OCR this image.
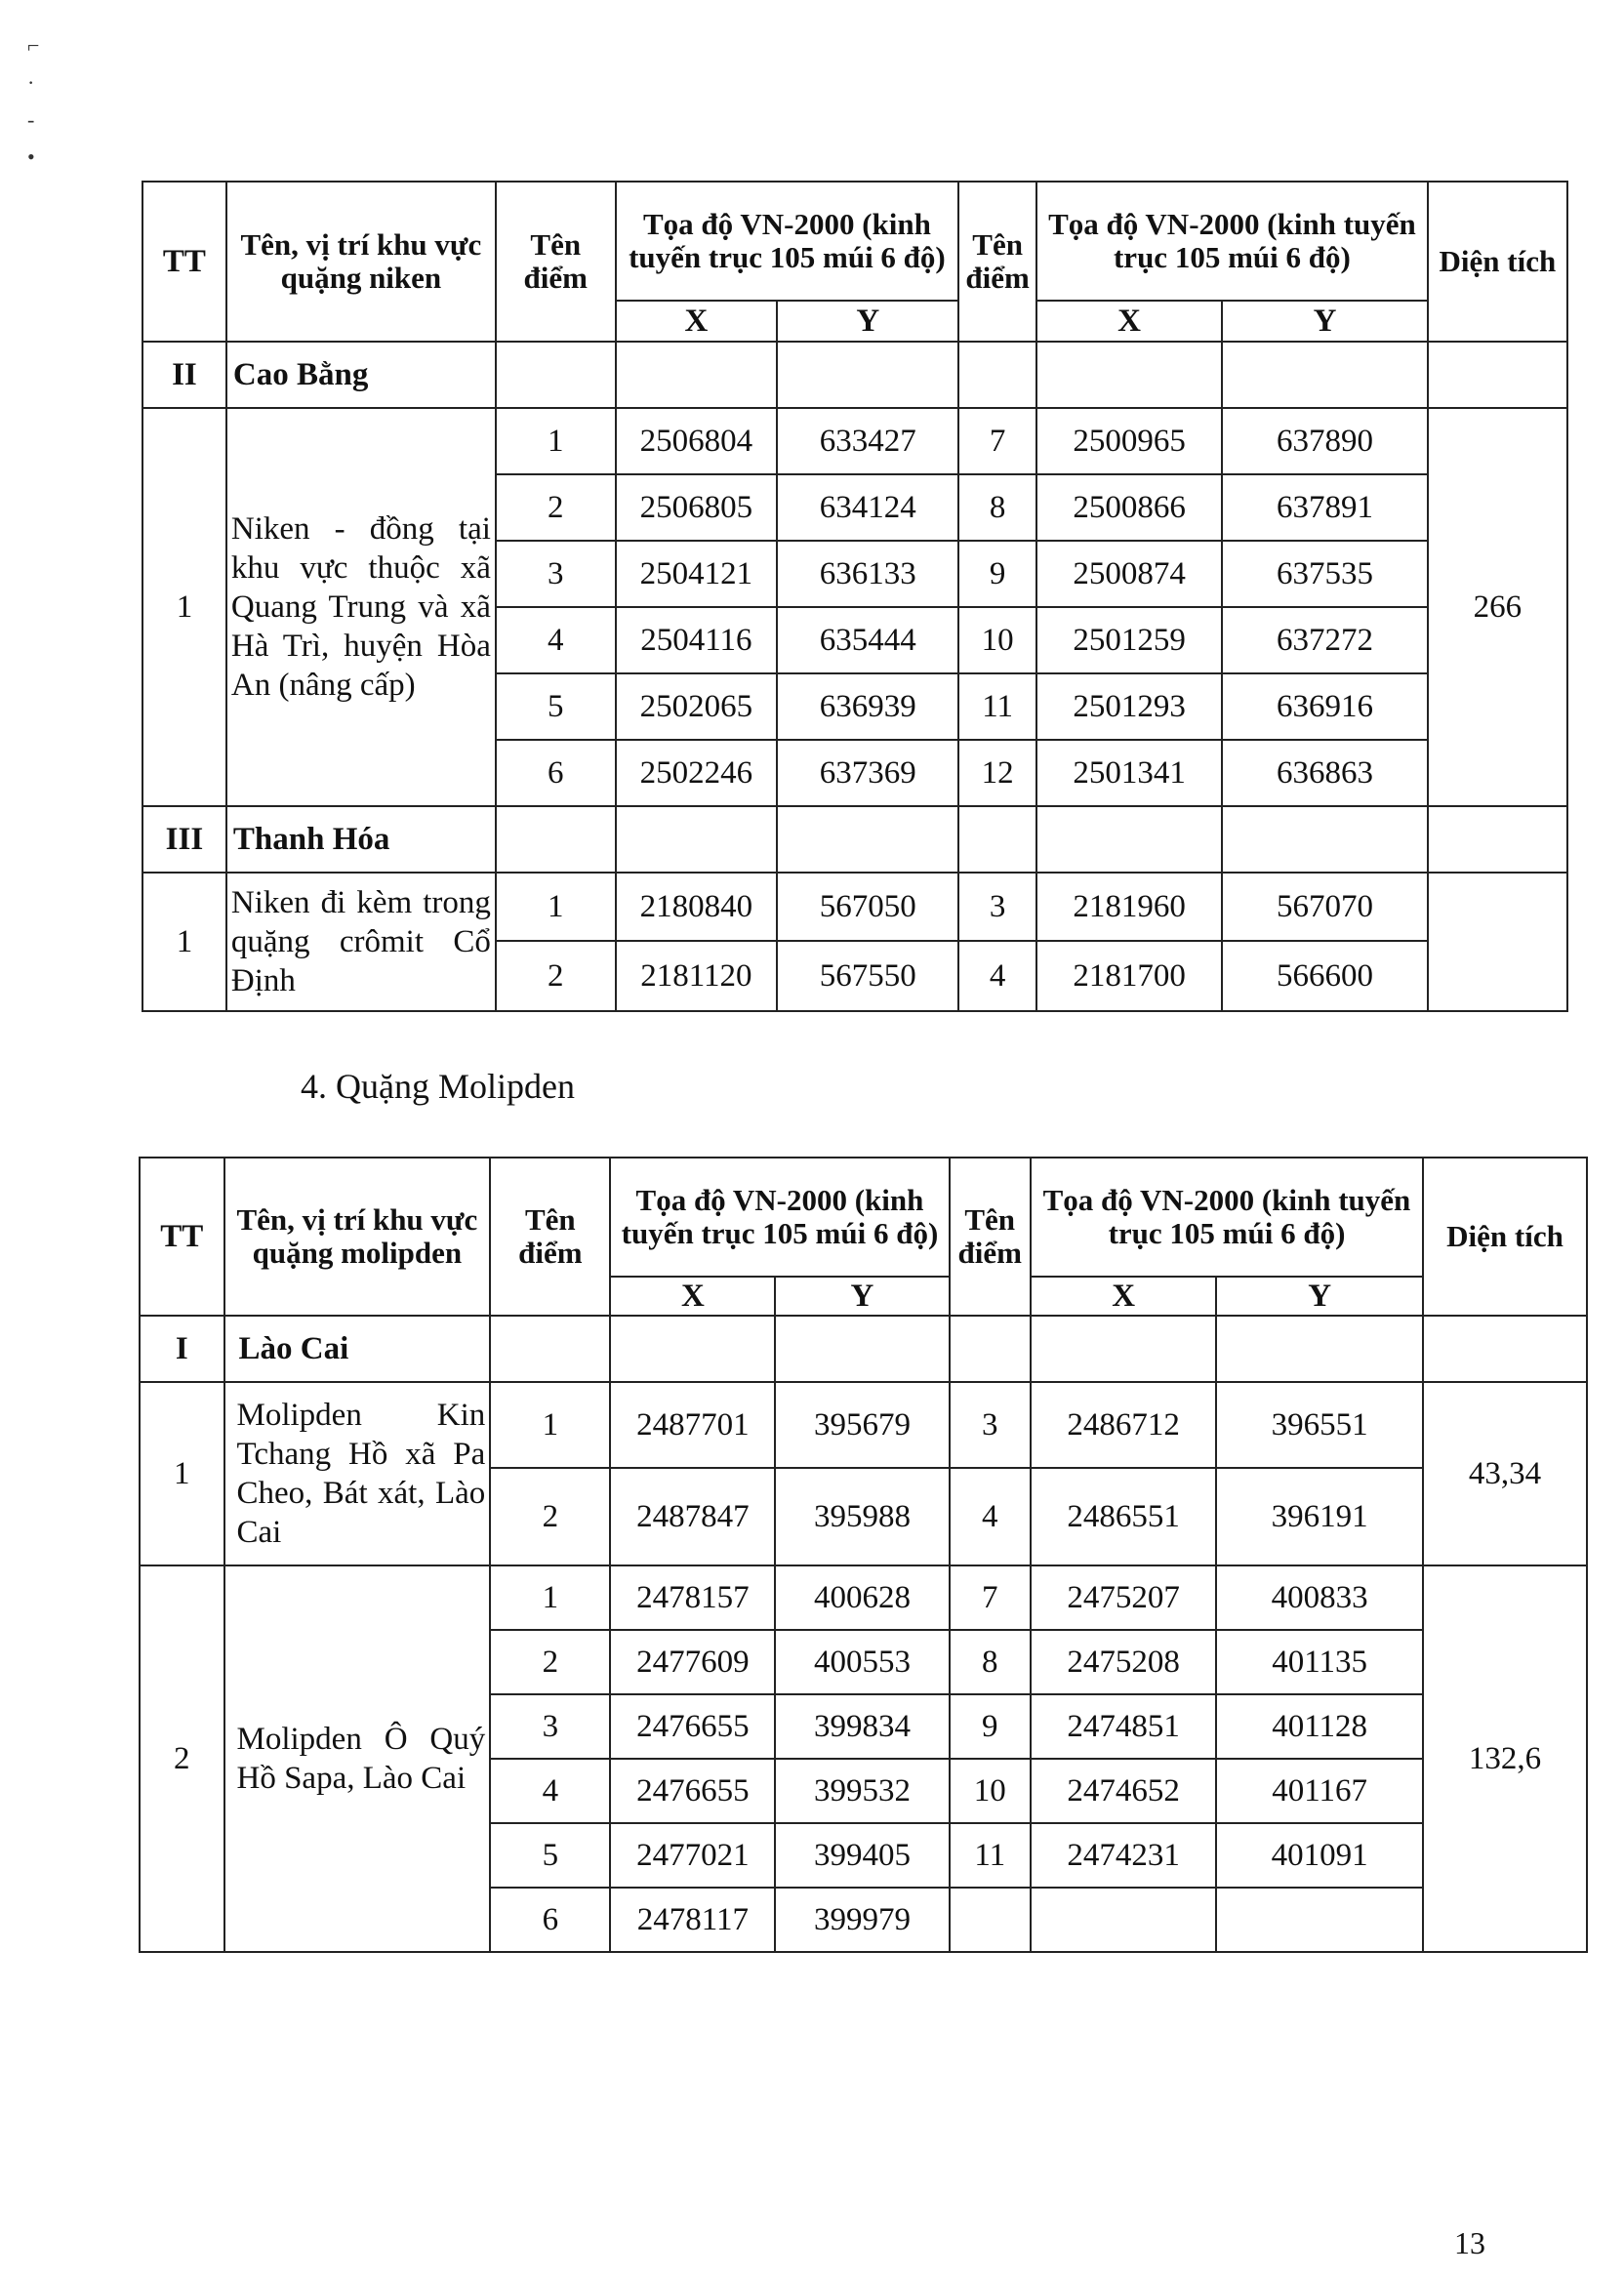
⌐
·
-
•
TT	Tên, vị trí khu vực quặng niken	Tên điểm	Tọa độ VN-2000 (kinh tuyến trục 105 múi 6 độ)		Tên điểm	Tọa độ VN-2000 (kinh tuyến trục 105 múi 6 độ)		Diện tích
			X	Y		X	Y	
II	Cao Bằng							
1	Niken - đồng tại khu vực thuộc xã Quang Trung và xã Hà Trì, huyện Hòa An (nâng cấp)	1	2506804	633427	7	2500965	637890	266
		2	2506805	634124	8	2500866	637891	
		3	2504121	636133	9	2500874	637535	
		4	2504116	635444	10	2501259	637272	
		5	2502065	636939	11	2501293	636916	
		6	2502246	637369	12	2501341	636863	
III	Thanh Hóa							
1	Niken đi kèm trong quặng crômit Cổ Định	1	2180840	567050	3	2181960	567070	
		2	2181120	567550	4	2181700	566600	
4. Quặng Molipden
TT	Tên, vị trí khu vực quặng molipden	Tên điểm	Tọa độ VN-2000 (kinh tuyến trục 105 múi 6 độ)		Tên điểm	Tọa độ VN-2000 (kinh tuyến trục 105 múi 6 độ)		Diện tích
			X	Y		X	Y	
I	Lào Cai							
1	Molipden Kin Tchang Hồ xã Pa Cheo, Bát xát, Lào Cai	1	2487701	395679	3	2486712	396551	43,34
		2	2487847	395988	4	2486551	396191	
2	Molipden Ô Quý Hồ Sapa, Lào Cai	1	2478157	400628	7	2475207	400833	132,6
		2	2477609	400553	8	2475208	401135	
		3	2476655	399834	9	2474851	401128	
		4	2476655	399532	10	2474652	401167	
		5	2477021	399405	11	2474231	401091	
		6	2478117	399979				
13
